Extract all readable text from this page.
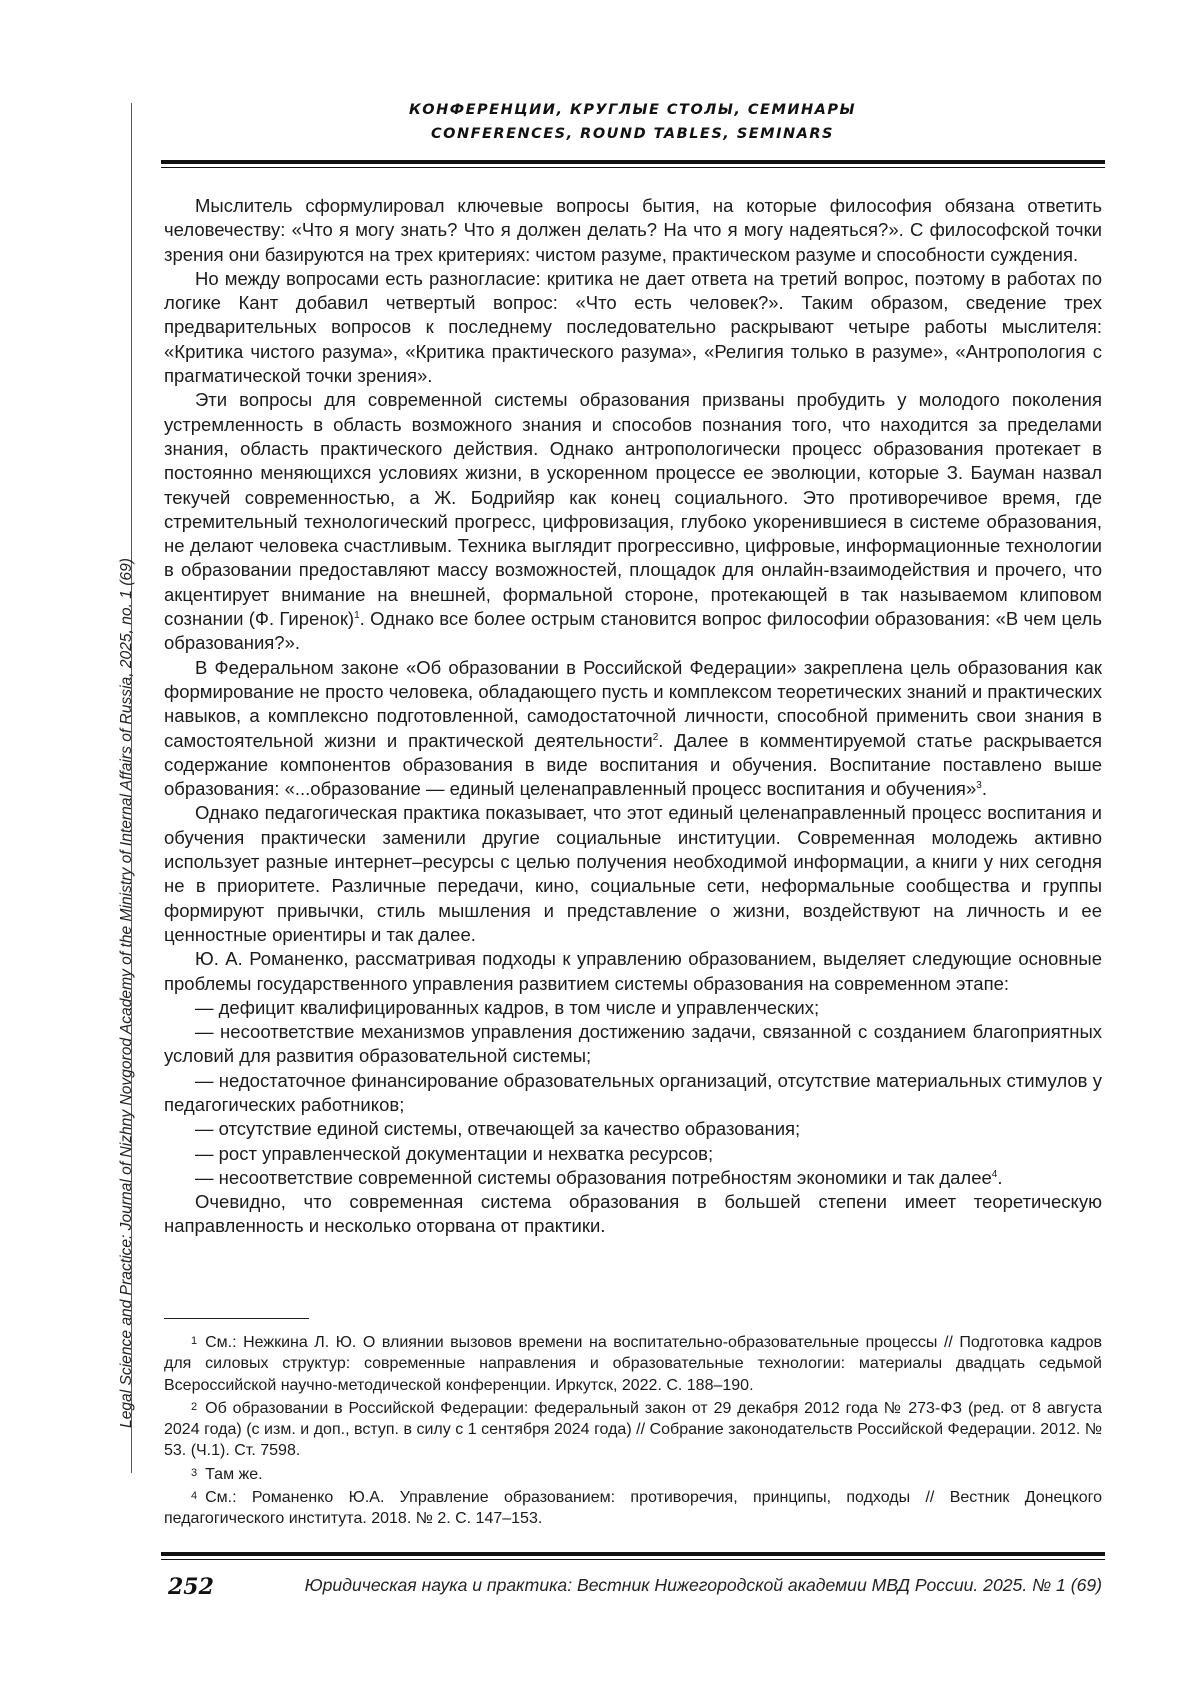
Legal Science and Practice: Journal of Nizhny Novgorod Academy of the Ministry of Internal Affairs of Russia, 2025, no. 1 (69)
КОНФЕРЕНЦИИ, КРУГЛЫЕ СТОЛЫ, СЕМИНАРЫ
CONFERENCES, ROUND TABLES, SEMINARS

Мыслитель сформулировал ключевые вопросы бытия, на которые философия обязана ответить человечеству: «Что я могу знать? Что я должен делать? На что я могу надеяться?». С философской точки зрения они базируются на трех критериях: чистом разуме, практическом разуме и способности суждения.

Но между вопросами есть разногласие: критика не дает ответа на третий вопрос, поэтому в работах по логике Кант добавил четвертый вопрос: «Что есть человек?». Таким образом, сведение трех предварительных вопросов к последнему последовательно раскрывают четыре работы мыслителя: «Критика чистого разума», «Критика практического разума», «Религия только в разуме», «Антропология с прагматической точки зрения».

Эти вопросы для современной системы образования призваны пробудить у молодого поколения устремленность в область возможного знания и способов познания того, что находится за пределами знания, область практического действия. Однако антропологически процесс образования протекает в постоянно меняющихся условиях жизни, в ускоренном процессе ее эволюции, которые З. Бауман назвал текучей современностью, а Ж. Бодрийяр как конец социального. Это противоречивое время, где стремительный технологический прогресс, цифровизация, глубоко укоренившиеся в системе образования, не делают человека счастливым. Техника выглядит прогрессивно, цифровые, информационные технологии в образовании предоставляют массу возможностей, площадок для онлайн-взаимодействия и прочего, что акцентирует внимание на внешней, формальной стороне, протекающей в так называемом клиповом сознании (Ф. Гиренок)$^1$. Однако все более острым становится вопрос философии образования: «В чем цель образования?».

В Федеральном законе «Об образовании в Российской Федерации» закреплена цель образования как формирование не просто человека, обладающего пусть и комплексом теоретических знаний и практических навыков, а комплексно подготовленной, самодостаточной личности, способной применить свои знания в самостоятельной жизни и практической деятельности$^2$. Далее в комментируемой статье раскрывается содержание компонентов образования в виде воспитания и обучения. Воспитание поставлено выше образования: «...образование — единый целенаправленный процесс воспитания и обучения»$^3$.

Однако педагогическая практика показывает, что этот единый целенаправленный процесс воспитания и обучения практически заменили другие социальные институции. Современная молодежь активно использует разные интернет–ресурсы с целью получения необходимой информации, а книги у них сегодня не в приоритете. Различные передачи, кино, социальные сети, неформальные сообщества и группы формируют привычки, стиль мышления и представление о жизни, воздействуют на личность и ее ценностные ориентиры и так далее.

Ю. А. Романенко, рассматривая подходы к управлению образованием, выделяет следующие основные проблемы государственного управления развитием системы образования на современном этапе:

— дефицит квалифицированных кадров, в том числе и управленческих;

— несоответствие механизмов управления достижению задачи, связанной с созданием благоприятных условий для развития образовательной системы;

— недостаточное финансирование образовательных организаций, отсутствие материальных стимулов у педагогических работников;

— отсутствие единой системы, отвечающей за качество образования;

— рост управленческой документации и нехватка ресурсов;

— несоответствие современной системы образования потребностям экономики и так далее$^4$.

Очевидно, что современная система образования в большей степени имеет теоретическую направленность и несколько оторвана от практики.

1 См.: Нежкина Л. Ю. О влиянии вызовов времени на воспитательно-образовательные процессы // Подготовка кадров для силовых структур: современные направления и образовательные технологии: материалы двадцать седьмой Всероссийской научно-методической конференции. Иркутск, 2022. С. 188–190.

2 Об образовании в Российской Федерации: федеральный закон от 29 декабря 2012 года № 273-ФЗ (ред. от 8 августа 2024 года) (с изм. и доп., вступ. в силу с 1 сентября 2024 года) // Собрание законодательств Российской Федерации. 2012. № 53. (Ч.1). Ст. 7598.

3 Там же.

4 См.: Романенко Ю.А. Управление образованием: противоречия, принципы, подходы // Вестник Донецкого педагогического института. 2018. № 2. С. 147–153.

252	Юридическая наука и практика: Вестник Нижегородской академии МВД России. 2025. № 1 (69)
